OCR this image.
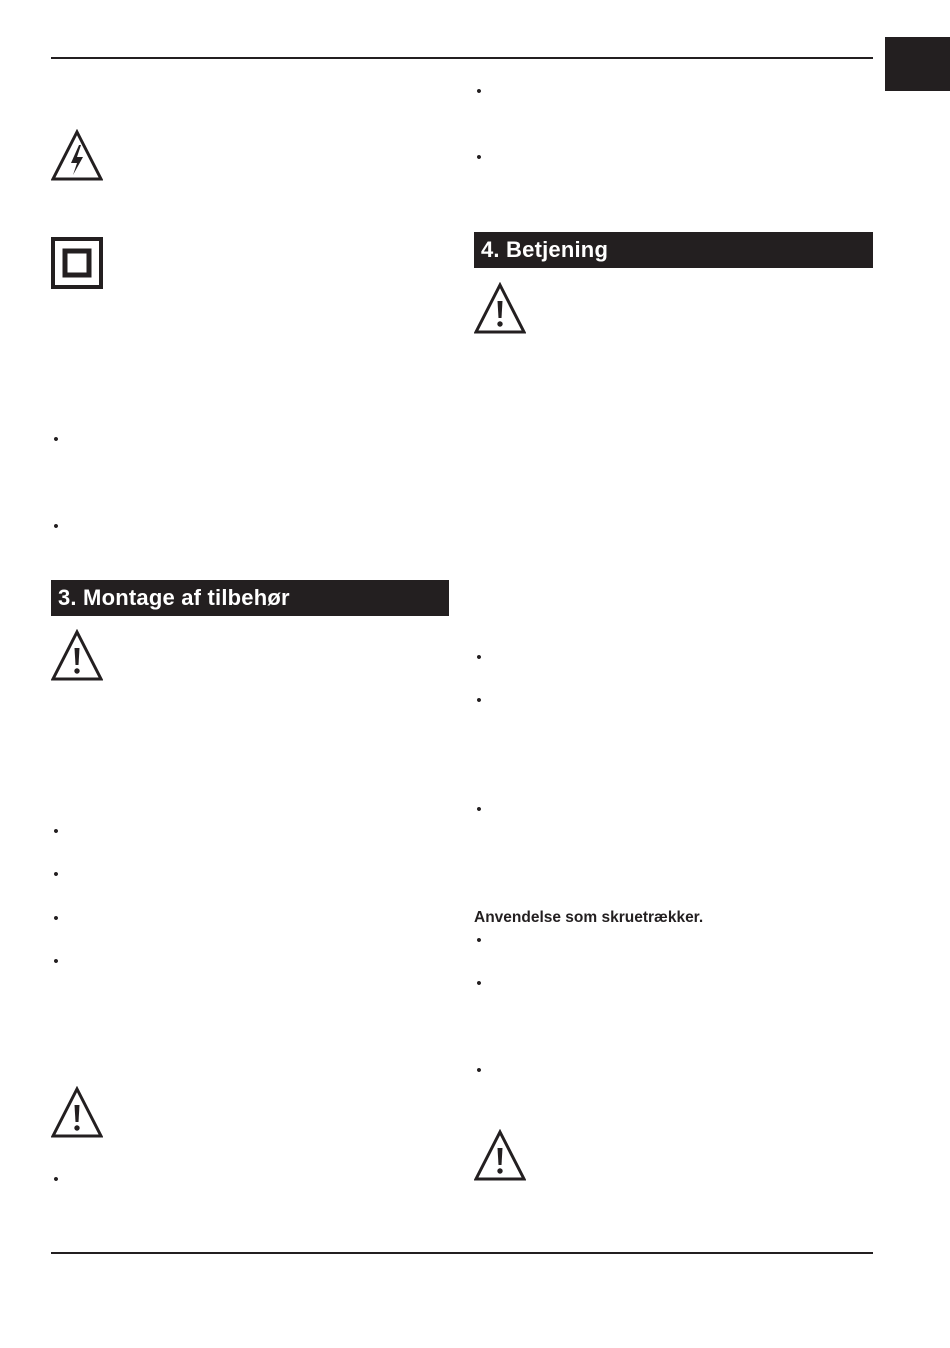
•
•
3. Montage af tilbehør
•
•
•
•
•
•
•
4. Betjening
•
•
•
Anvendelse som skruetrækker.
•
•
•
